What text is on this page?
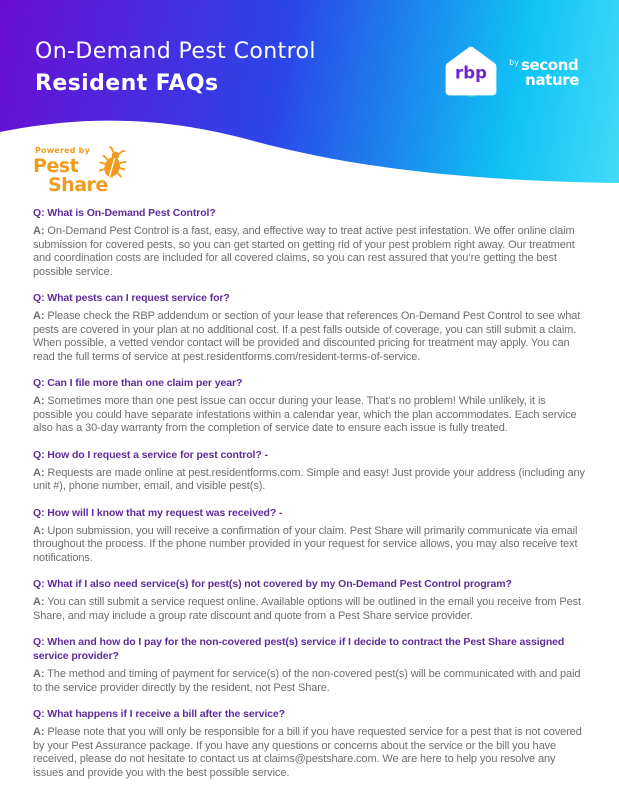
On-Demand Pest Control
Resident FAQs	rbp
by second
nature
Powered by
Pest
Share™

Q: What is On-Demand Pest Control?

A: On-Demand Pest Control is a fast, easy, and effective way to treat active pest infestation. We offer online claim submission for covered pests, so you can get started on getting rid of your pest problem right away. Our treatment and coordination costs are included for all covered claims, so you can rest assured that you’re getting the best possible service.

Q: What pests can I request service for?

A: Please check the RBP addendum or section of your lease that references On-Demand Pest Control to see what pests are covered in your plan at no additional cost. If a pest falls outside of coverage, you can still submit a claim. When possible, a vetted vendor contact will be provided and discounted pricing for treatment may apply. You can read the full terms of service at pest.residentforms.com/resident-terms-of-service.

Q: Can I file more than one claim per year?

A: Sometimes more than one pest issue can occur during your lease. That’s no problem! While unlikely, it is possible you could have separate infestations within a calendar year, which the plan accommodates. Each service also has a 30-day warranty from the completion of service date to ensure each issue is fully treated.

Q: How do I request a service for pest control? -

A: Requests are made online at pest.residentforms.com. Simple and easy! Just provide your address (including any unit #), phone number, email, and visible pest(s).

Q: How will I know that my request was received? -

A: Upon submission, you will receive a confirmation of your claim. Pest Share will primarily communicate via email throughout the process. If the phone number provided in your request for service allows, you may also receive text notifications.

Q: What if I also need service(s) for pest(s) not covered by my On-Demand Pest Control program?

A: You can still submit a service request online. Available options will be outlined in the email you receive from Pest Share, and may include a group rate discount and quote from a Pest Share service provider.

Q: When and how do I pay for the non-covered pest(s) service if I decide to contract the Pest Share assigned service provider?

A: The method and timing of payment for service(s) of the non-covered pest(s) will be communicated with and paid to the service provider directly by the resident, not Pest Share.

Q: What happens if I receive a bill after the service?

A: Please note that you will only be responsible for a bill if you have requested service for a pest that is not covered by your Pest Assurance package. If you have any questions or concerns about the service or the bill you have received, please do not hesitate to contact us at claims@pestshare.com. We are here to help you resolve any issues and provide you with the best possible service.
